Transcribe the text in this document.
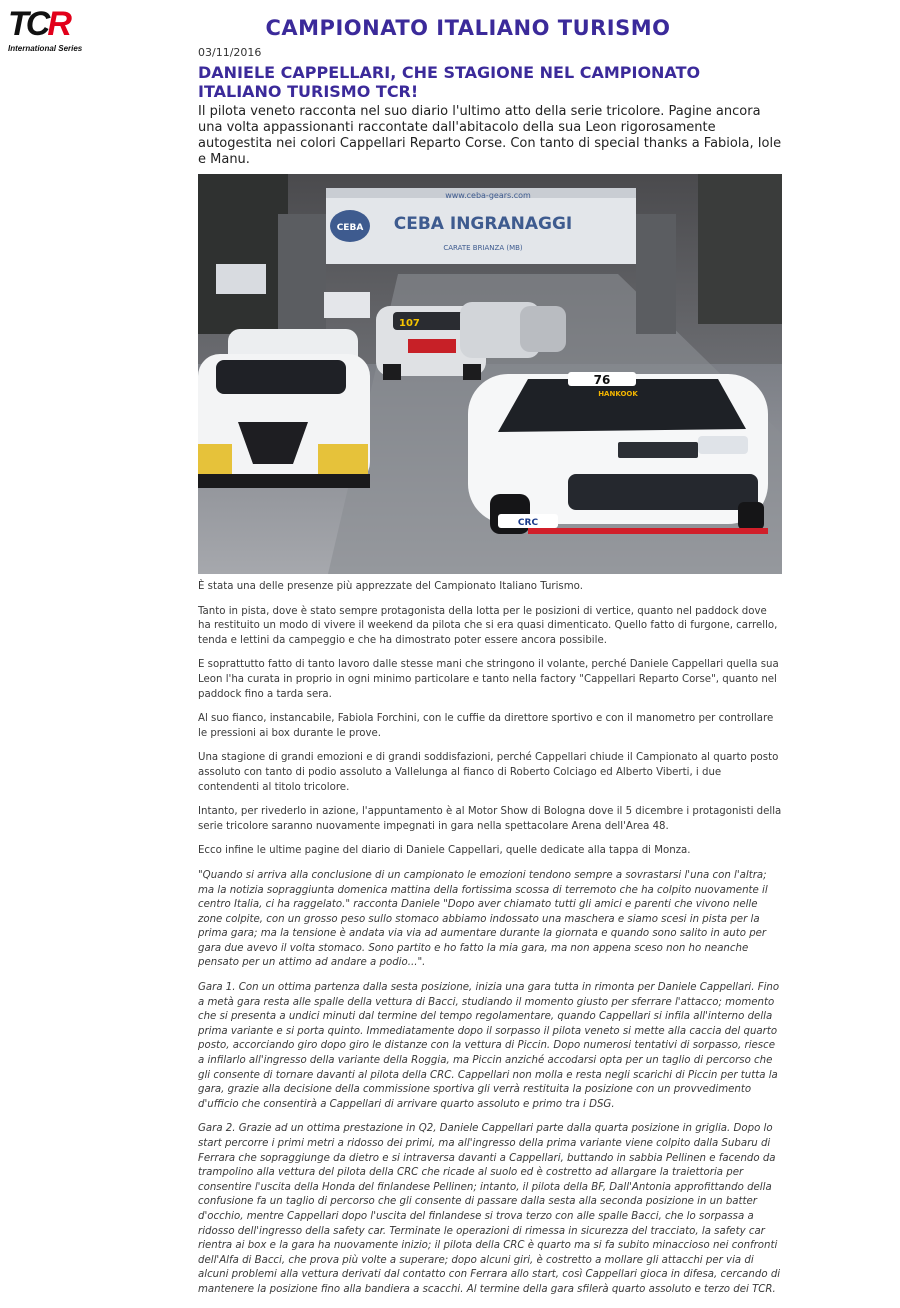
TC R
International Series
CAMPIONATO ITALIANO TURISMO
03/11/2016
DANIELE CAPPELLARI, CHE STAGIONE NEL CAMPIONATO ITALIANO TURISMO TCR!
Il pilota veneto racconta nel suo diario l'ultimo atto della serie tricolore. Pagine ancora una volta appassionanti raccontate dall'abitacolo della sua Leon rigorosamente autogestita nei colori Cappellari Reparto Corse. Con tanto di special thanks a Fabiola, Iole e Manu.
www.ceba-gears.com
CEBA CEBA INGRANAGGI
CARATE BRIANZA (MB)
107
76
HANKOOK
CRC

È stata una delle presenze più apprezzate del Campionato Italiano Turismo.

Tanto in pista, dove è stato sempre protagonista della lotta per le posizioni di vertice, quanto nel paddock dove ha restituito un modo di vivere il weekend da pilota che si era quasi dimenticato. Quello fatto di furgone, carrello, tenda e lettini da campeggio e che ha dimostrato poter essere ancora possibile.

E soprattutto fatto di tanto lavoro dalle stesse mani che stringono il volante, perché Daniele Cappellari quella sua Leon l'ha curata in proprio in ogni minimo particolare e tanto nella factory "Cappellari Reparto Corse", quanto nel paddock fino a tarda sera.

Al suo fianco, instancabile, Fabiola Forchini, con le cuffie da direttore sportivo e con il manometro per controllare le pressioni ai box durante le prove.

Una stagione di grandi emozioni e di grandi soddisfazioni, perché Cappellari chiude il Campionato al quarto posto assoluto con tanto di podio assoluto a Vallelunga al fianco di Roberto Colciago ed Alberto Viberti, i due contendenti al titolo tricolore.

Intanto, per rivederlo in azione, l'appuntamento è al Motor Show di Bologna dove il 5 dicembre i protagonisti della serie tricolore saranno nuovamente impegnati in gara nella spettacolare Arena dell'Area 48.

Ecco infine le ultime pagine del diario di Daniele Cappellari, quelle dedicate alla tappa di Monza.

"Quando si arriva alla conclusione di un campionato le emozioni tendono sempre a sovrastarsi l'una con l'altra; ma la notizia sopraggiunta domenica mattina della fortissima scossa di terremoto che ha colpito nuovamente il centro Italia, ci ha raggelato." racconta Daniele "Dopo aver chiamato tutti gli amici e parenti che vivono nelle zone colpite, con un grosso peso sullo stomaco abbiamo indossato una maschera e siamo scesi in pista per la prima gara; ma la tensione è andata via via ad aumentare durante la giornata e quando sono salito in auto per gara due avevo il volta stomaco. Sono partito e ho fatto la mia gara, ma non appena sceso non ho neanche pensato per un attimo ad andare a podio...".

Gara 1. Con un ottima partenza dalla sesta posizione, inizia una gara tutta in rimonta per Daniele Cappellari. Fino a metà gara resta alle spalle della vettura di Bacci, studiando il momento giusto per sferrare l'attacco; momento che si presenta a undici minuti dal termine del tempo regolamentare, quando Cappellari si infila all'interno della prima variante e si porta quinto. Immediatamente dopo il sorpasso il pilota veneto si mette alla caccia del quarto posto, accorciando giro dopo giro le distanze con la vettura di Piccin. Dopo numerosi tentativi di sorpasso, riesce a infilarlo all'ingresso della variante della Roggia, ma Piccin anziché accodarsi opta per un taglio di percorso che gli consente di tornare davanti al pilota della CRC. Cappellari non molla e resta negli scarichi di Piccin per tutta la gara, grazie alla decisione della commissione sportiva gli verrà restituita la posizione con un provvedimento d'ufficio che consentirà a Cappellari di arrivare quarto assoluto e primo tra i DSG.

Gara 2. Grazie ad un ottima prestazione in Q2, Daniele Cappellari parte dalla quarta posizione in griglia. Dopo lo start percorre i primi metri a ridosso dei primi, ma all'ingresso della prima variante viene colpito dalla Subaru di Ferrara che sopraggiunge da dietro e si intraversa davanti a Cappellari, buttando in sabbia Pellinen e facendo da trampolino alla vettura del pilota della CRC che ricade al suolo ed è costretto ad allargare la traiettoria per consentire l'uscita della Honda del finlandese Pellinen; intanto, il pilota della BF, Dall'Antonia approfittando della confusione fa un taglio di percorso che gli consente di passare dalla sesta alla seconda posizione in un batter d'occhio, mentre Cappellari dopo l'uscita del finlandese si trova terzo con alle spalle Bacci, che lo sorpassa a ridosso dell'ingresso della safety car. Terminate le operazioni di rimessa in sicurezza del tracciato, la safety car rientra ai box e la gara ha nuovamente inizio; il pilota della CRC è quarto ma si fa subito minaccioso nei confronti dell'Alfa di Bacci, che prova più volte a superare; dopo alcuni giri, è costretto a mollare gli attacchi per via di alcuni problemi alla vettura derivati dal contatto con Ferrara allo start, così Cappellari gioca in difesa, cercando di mantenere la posizione fino alla bandiera a scacchi. Al termine della gara sfilerà quarto assoluto e terzo dei TCR.
